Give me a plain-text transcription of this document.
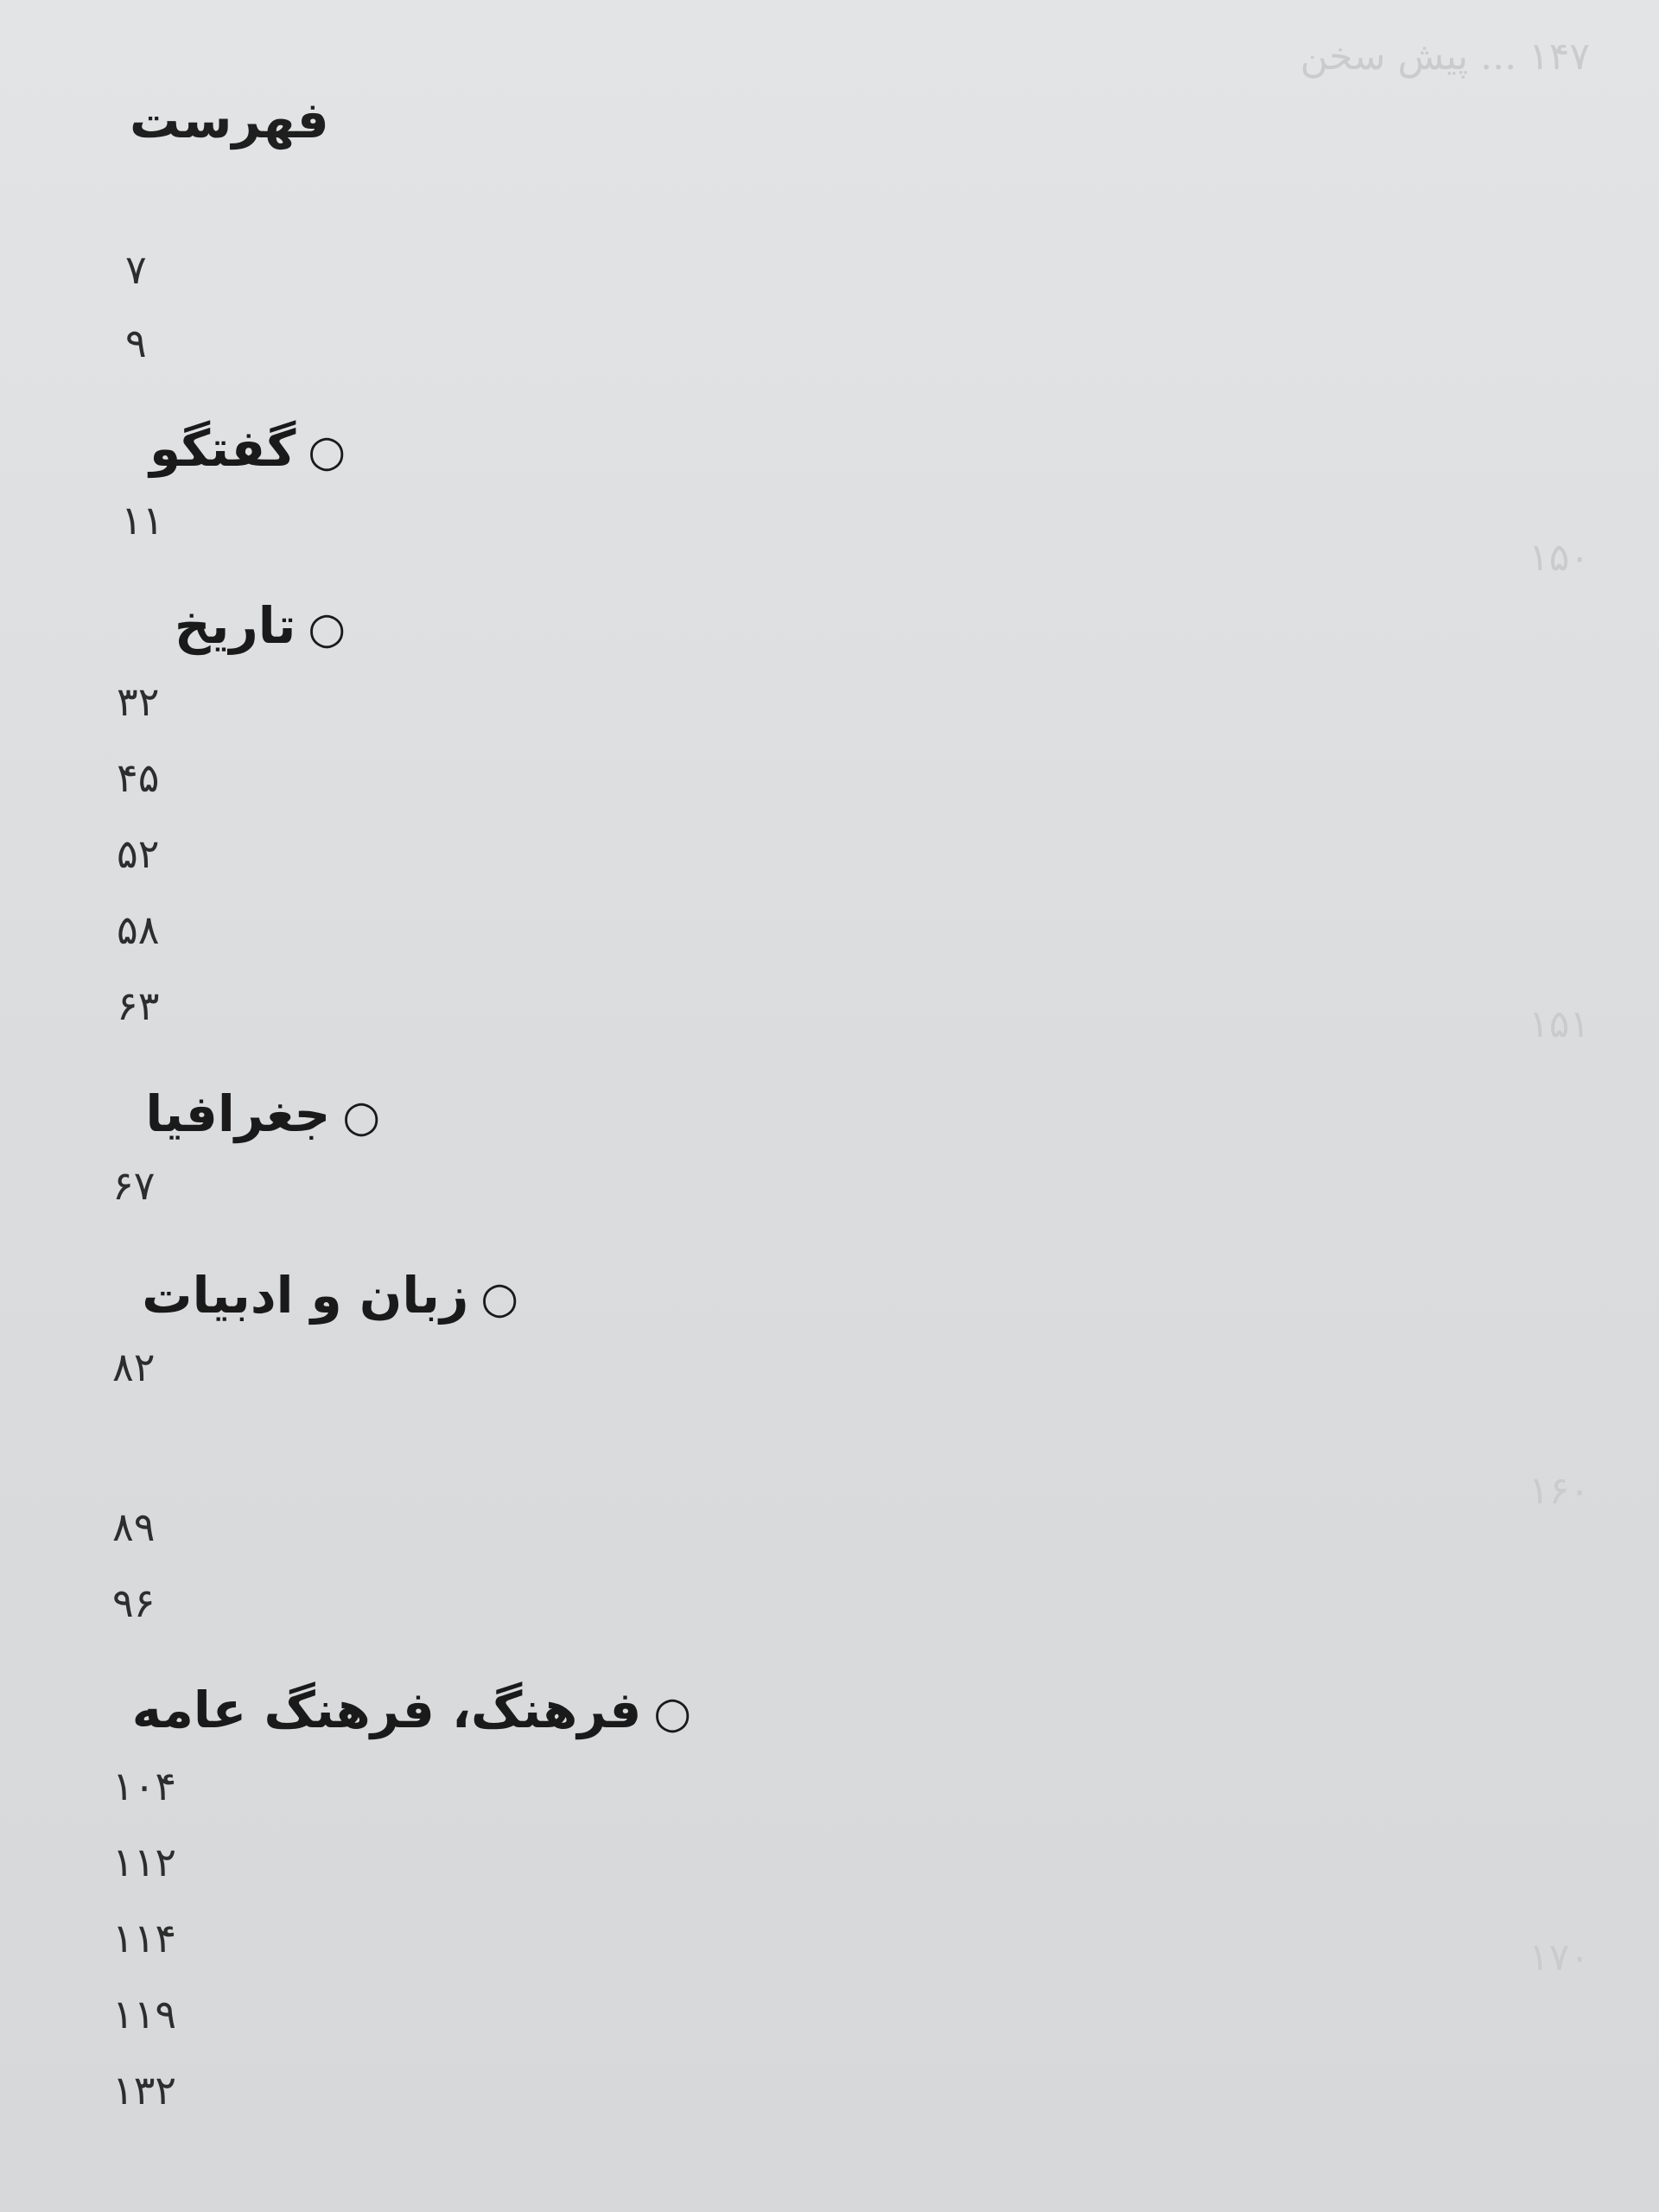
۱۴۷ ... پیش سخن
۱۵۰
۱۵۱
۱۶۰
۱۷۰
فهرست
۷
۹
○گفتگو
۱۱
○تاریخ
۳۲
۴۵
۵۲
۵۸
۶۳
○جغرافیا
۶۷
○زبان و ادبیات
۸۲
۸۹
۹۶
○فرهنگ، فرهنگ عامه
۱۰۴
۱۱۲
۱۱۴
۱۱۹
۱۳۲
